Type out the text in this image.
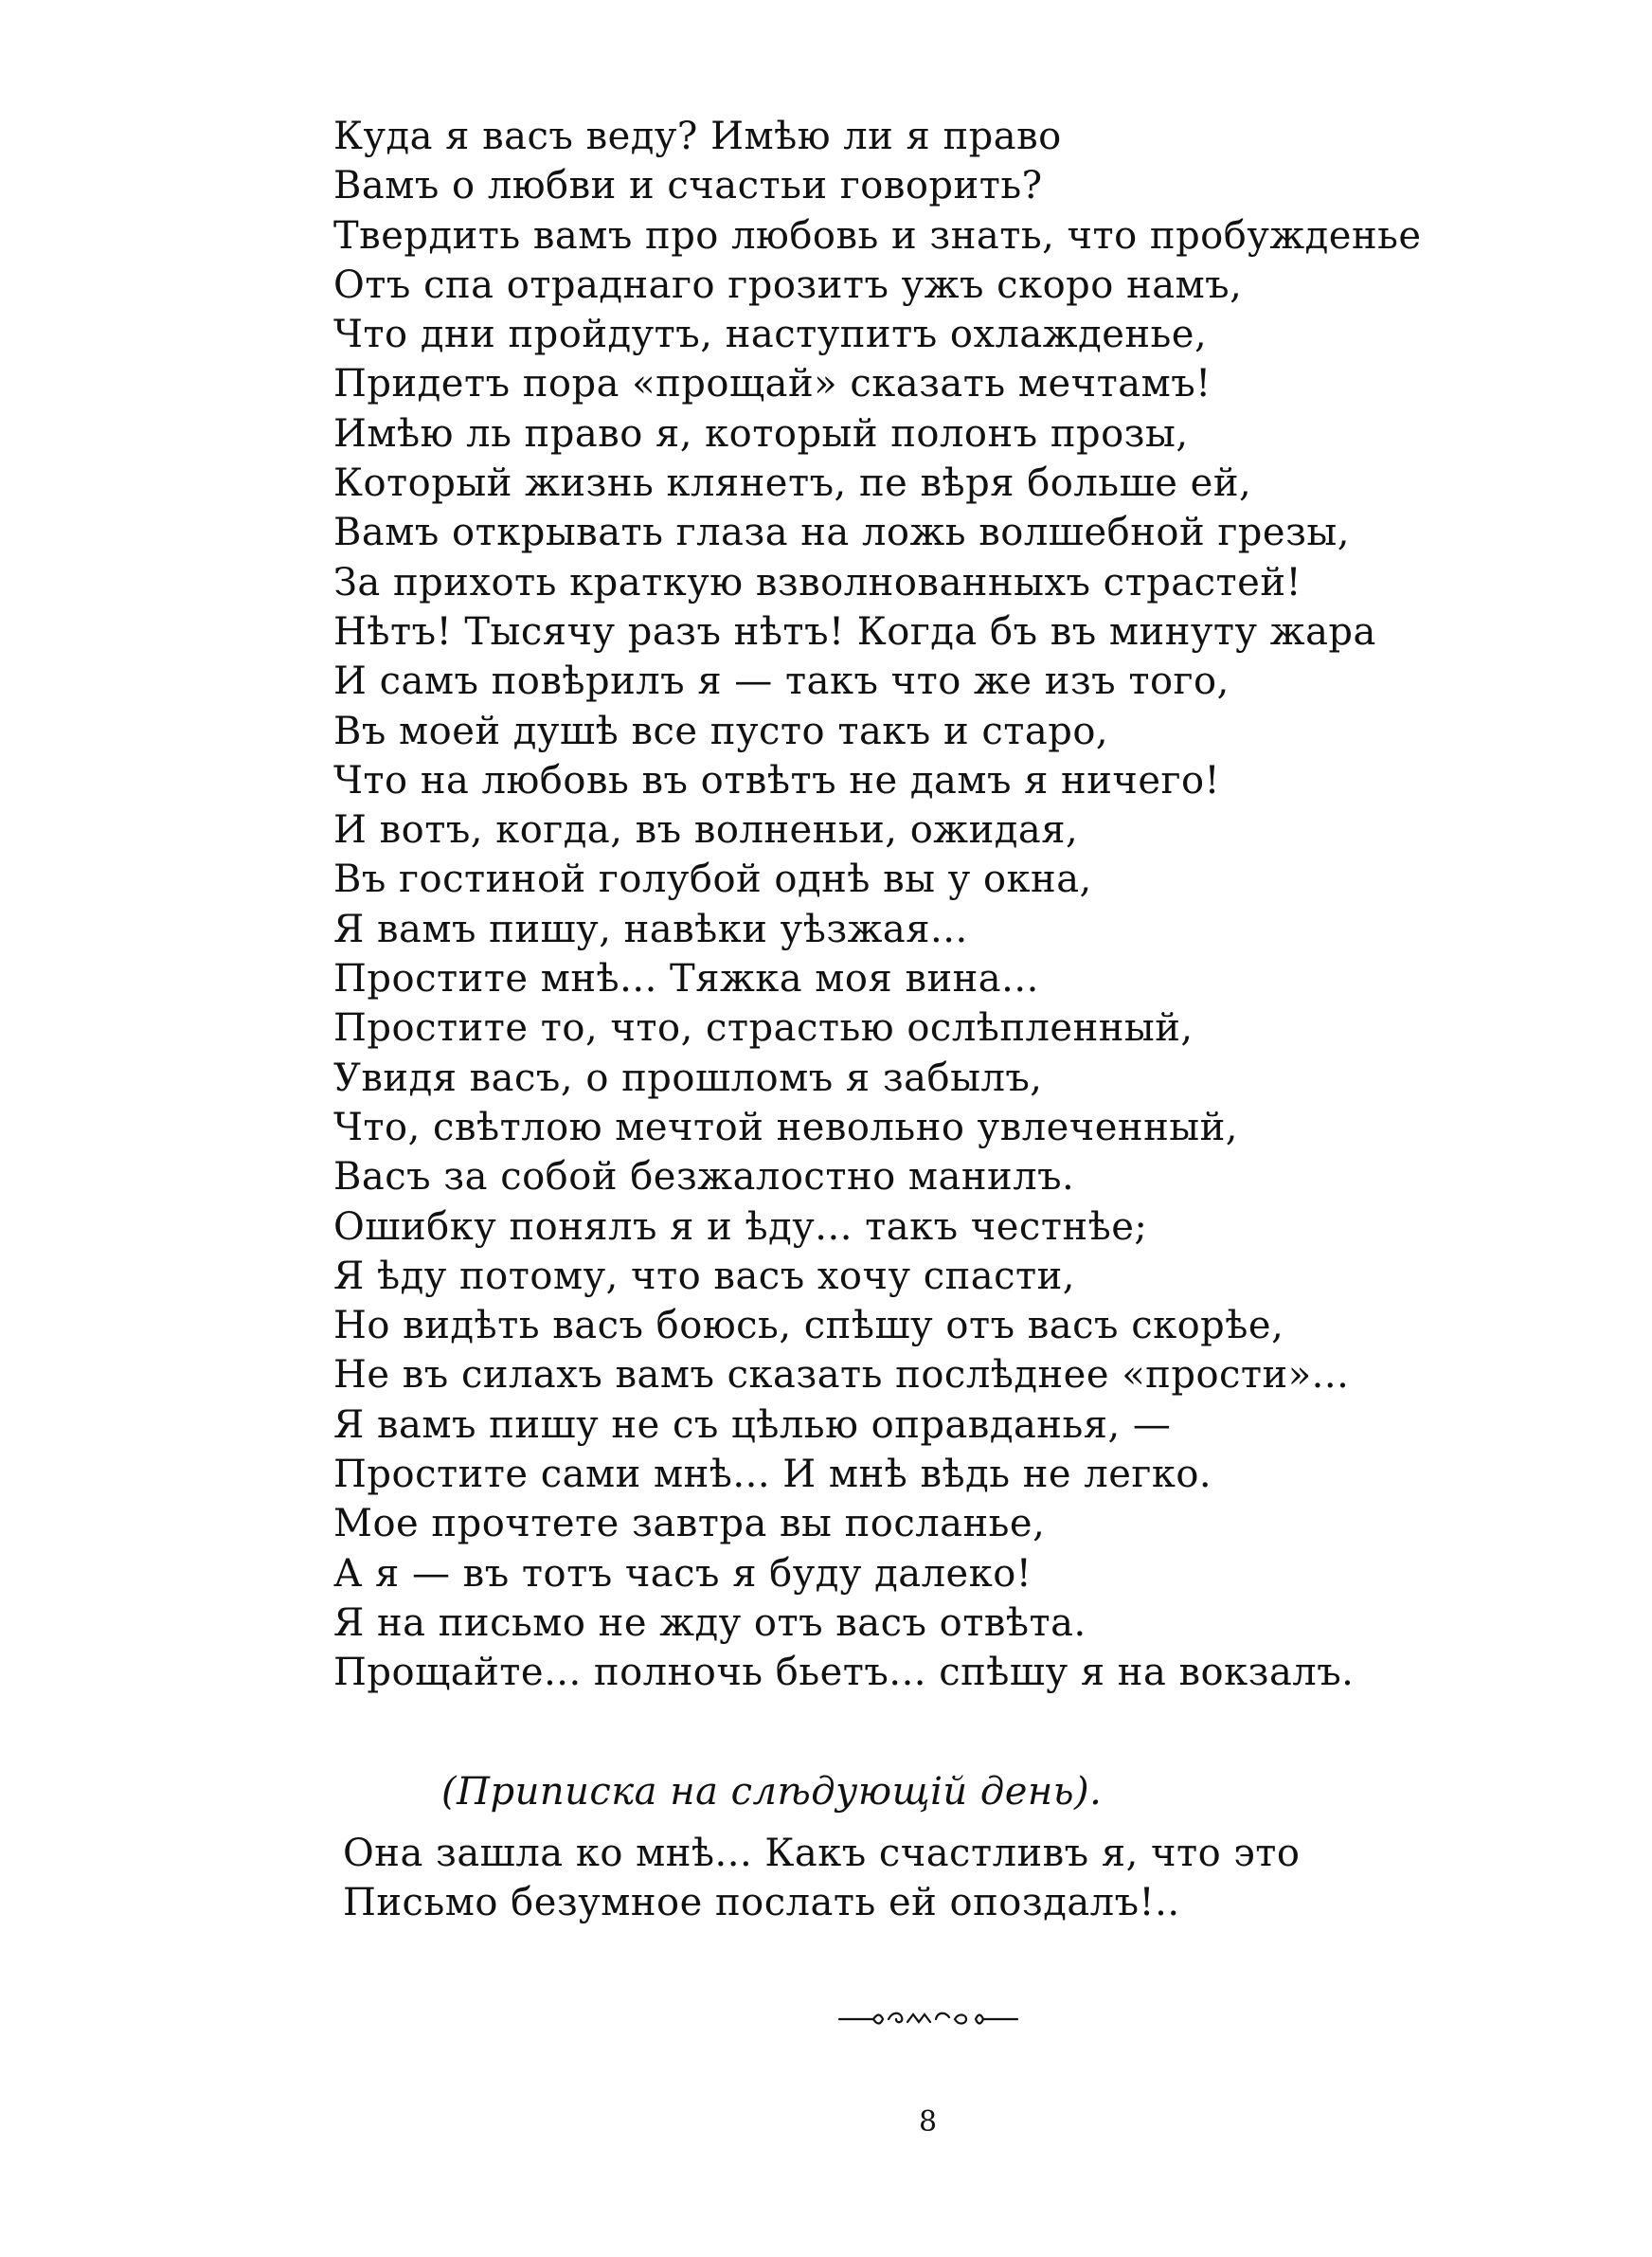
Куда я васъ веду? Имѣю ли я право
Вамъ о любви и счастьи говорить?
Твердить вамъ про любовь и знать, что пробужденье
Отъ спа отраднаго грозитъ ужъ скоро намъ,
Что дни пройдутъ, наступитъ охлажденье,
Придетъ пора «прощай» сказать мечтамъ!
Имѣю ль право я, который полонъ прозы,
Который жизнь клянетъ, пе вѣря больше ей,
Вамъ открывать глаза на ложь волшебной грезы,
За прихоть краткую взволнованныхъ страстей!
Нѣтъ! Тысячу разъ нѣтъ! Когда бъ въ минуту жара
И самъ повѣрилъ я — такъ что же изъ того,
Въ моей душѣ все пусто такъ и старо,
Что на любовь въ отвѣтъ не дамъ я ничего!
И вотъ, когда, въ волненьи, ожидая,
Въ гостиной голубой однѣ вы у окна,
Я вамъ пишу, навѣки уѣзжая...
Простите мнѣ... Тяжка моя вина...
Простите то, что, страстью ослѣпленный,
Увидя васъ, о прошломъ я забылъ,
Что, свѣтлою мечтой невольно увлеченный,
Васъ за собой безжалостно манилъ.
Ошибку понялъ я и ѣду... такъ честнѣе;
Я ѣду потому, что васъ хочу спасти,
Но видѣть васъ боюсь, спѣшу отъ васъ скорѣе,
Не въ силахъ вамъ сказать послѣднее «прости»...
Я вамъ пишу не съ цѣлью оправданья, —
Простите сами мнѣ... И мнѣ вѣдь не легко.
Мое прочтете завтра вы посланье,
А я — въ тотъ часъ я буду далеко!
Я на письмо не жду отъ васъ отвѣта.
Прощайте... полночь бьетъ... спѣшу я на вокзалъ.
(Приписка на слѣдующій день).
Она зашла ко мнѣ... Какъ счастливъ я, что это
Письмо безумное послать ей опоздалъ!..
8
